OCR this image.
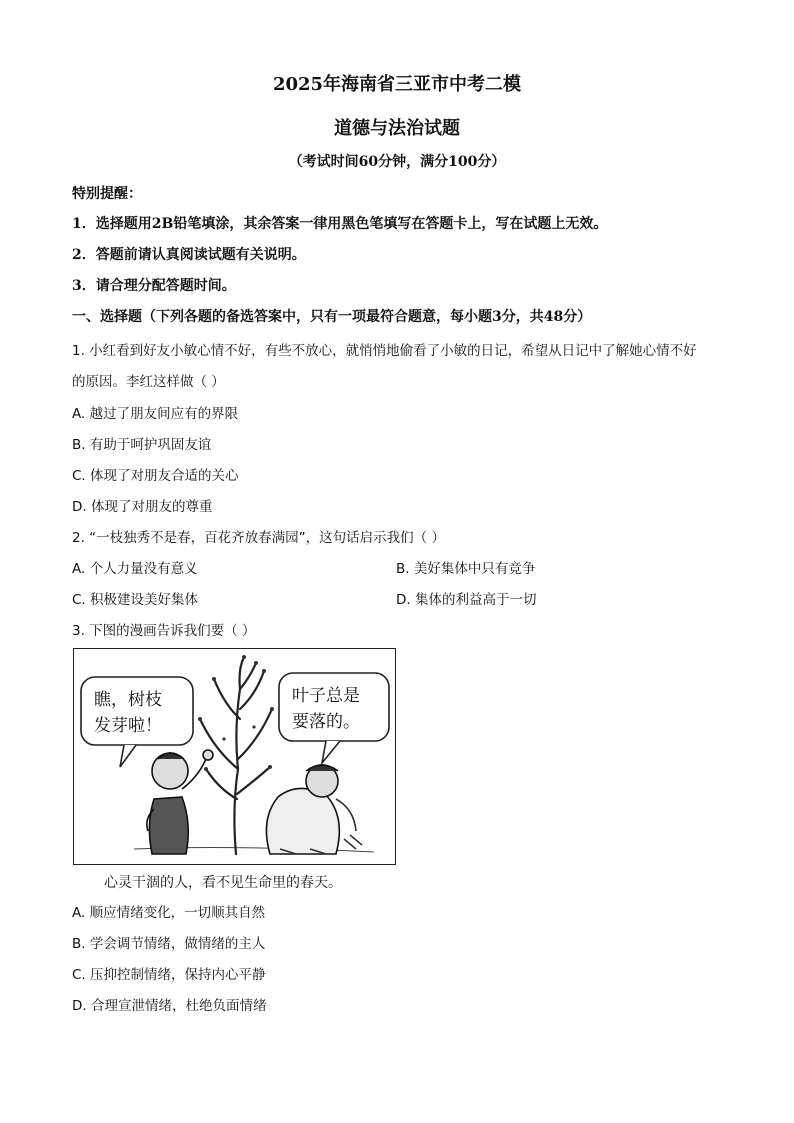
2025年海南省三亚市中考二模
道德与法治试题
（考试时间60分钟，满分100分）
特别提醒：
1．选择题用2B铅笔填涂，其余答案一律用黑色笔填写在答题卡上，写在试题上无效。
2．答题前请认真阅读试题有关说明。
3．请合理分配答题时间。
一、选择题（下列各题的备选答案中，只有一项最符合题意，每小题3分，共48分）
1. 小红看到好友小敏心情不好，有些不放心，就悄悄地偷看了小敏的日记，希望从日记中了解她心情不好
的原因。李红这样做（ ）
A. 越过了朋友间应有的界限
B. 有助于呵护巩固友谊
C. 体现了对朋友合适的关心
D. 体现了对朋友的尊重
2. “一枝独秀不是春，百花齐放春满园”，这句话启示我们（ ）
A. 个人力量没有意义	B. 美好集体中只有竞争
C. 积极建设美好集体	D. 集体的利益高于一切
3. 下图的漫画告诉我们要（ ）
瞧，树枝
发芽啦！
叶子总是
要落的。
心灵干涸的人，看不见生命里的春天。
A. 顺应情绪变化，一切顺其自然
B. 学会调节情绪，做情绪的主人
C. 压抑控制情绪，保持内心平静
D. 合理宣泄情绪，杜绝负面情绪
